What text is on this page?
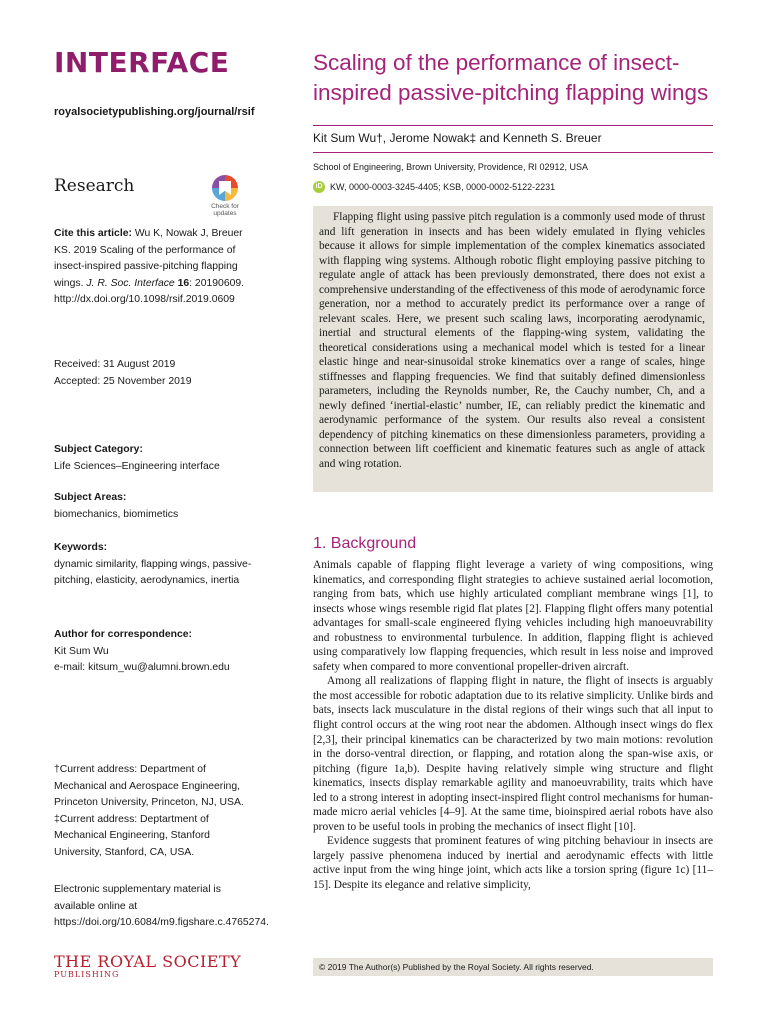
INTERFACE
royalsocietypublishing.org/journal/rsif
Research
Check for updates
Cite this article: Wu K, Nowak J, Breuer KS. 2019 Scaling of the performance of insect-inspired passive-pitching flapping wings. J. R. Soc. Interface 16: 20190609.
http://dx.doi.org/10.1098/rsif.2019.0609
Received: 31 August 2019
Accepted: 25 November 2019
Subject Category:
Life Sciences–Engineering interface
Subject Areas:
biomechanics, biomimetics
Keywords:
dynamic similarity, flapping wings, passive-pitching, elasticity, aerodynamics, inertia
Author for correspondence:
Kit Sum Wu
e-mail: kitsum_wu@alumni.brown.edu
†Current address: Department of Mechanical and Aerospace Engineering, Princeton University, Princeton, NJ, USA.
‡Current address: Deptartment of Mechanical Engineering, Stanford University, Stanford, CA, USA.
Electronic supplementary material is available online at https://doi.org/10.6084/m9.figshare.c.4765274.
THE ROYAL SOCIETY
PUBLISHING
Scaling of the performance of insect-inspired passive-pitching flapping wings
Kit Sum Wu†, Jerome Nowak‡ and Kenneth S. Breuer
School of Engineering, Brown University, Providence, RI 02912, USA
iD KW, 0000-0003-3245-4405; KSB, 0000-0002-5122-2231

Flapping flight using passive pitch regulation is a commonly used mode of thrust and lift generation in insects and has been widely emulated in flying vehicles because it allows for simple implementation of the complex kinematics associated with flapping wing systems. Although robotic flight employing passive pitching to regulate angle of attack has been previously demonstrated, there does not exist a comprehensive understanding of the effectiveness of this mode of aerodynamic force generation, nor a method to accurately predict its performance over a range of relevant scales. Here, we present such scaling laws, incorporating aerodynamic, inertial and structural elements of the flapping-wing system, validating the theoretical considerations using a mechanical model which is tested for a linear elastic hinge and near-sinusoidal stroke kinematics over a range of scales, hinge stiffnesses and flapping frequencies. We find that suitably defined dimensionless parameters, including the Reynolds number, Re, the Cauchy number, Ch, and a newly defined ‘inertial-elastic’ number, IE, can reliably predict the kinematic and aerodynamic performance of the system. Our results also reveal a consistent dependency of pitching kinematics on these dimensionless parameters, providing a connection between lift coefficient and kinematic features such as angle of attack and wing rotation.

1. Background

Animals capable of flapping flight leverage a variety of wing compositions, wing kinematics, and corresponding flight strategies to achieve sustained aerial locomotion, ranging from bats, which use highly articulated compliant membrane wings [1], to insects whose wings resemble rigid flat plates [2]. Flapping flight offers many potential advantages for small-scale engineered flying vehicles including high manoeuvrability and robustness to environmental turbulence. In addition, flapping flight is achieved using comparatively low flapping frequencies, which result in less noise and improved safety when compared to more conventional propeller-driven aircraft.

Among all realizations of flapping flight in nature, the flight of insects is arguably the most accessible for robotic adaptation due to its relative simplicity. Unlike birds and bats, insects lack musculature in the distal regions of their wings such that all input to flight control occurs at the wing root near the abdomen. Although insect wings do flex [2,3], their principal kinematics can be characterized by two main motions: revolution in the dorso-ventral direction, or flapping, and rotation along the span-wise axis, or pitching (figure 1a,b). Despite having relatively simple wing structure and flight kinematics, insects display remarkable agility and manoeuvrability, traits which have led to a strong interest in adopting insect-inspired flight control mechanisms for human-made micro aerial vehicles [4–9]. At the same time, bioinspired aerial robots have also proven to be useful tools in probing the mechanics of insect flight [10].

Evidence suggests that prominent features of wing pitching behaviour in insects are largely passive phenomena induced by inertial and aerodynamic effects with little active input from the wing hinge joint, which acts like a torsion spring (figure 1c) [11–15]. Despite its elegance and relative simplicity,

© 2019 The Author(s) Published by the Royal Society. All rights reserved.
